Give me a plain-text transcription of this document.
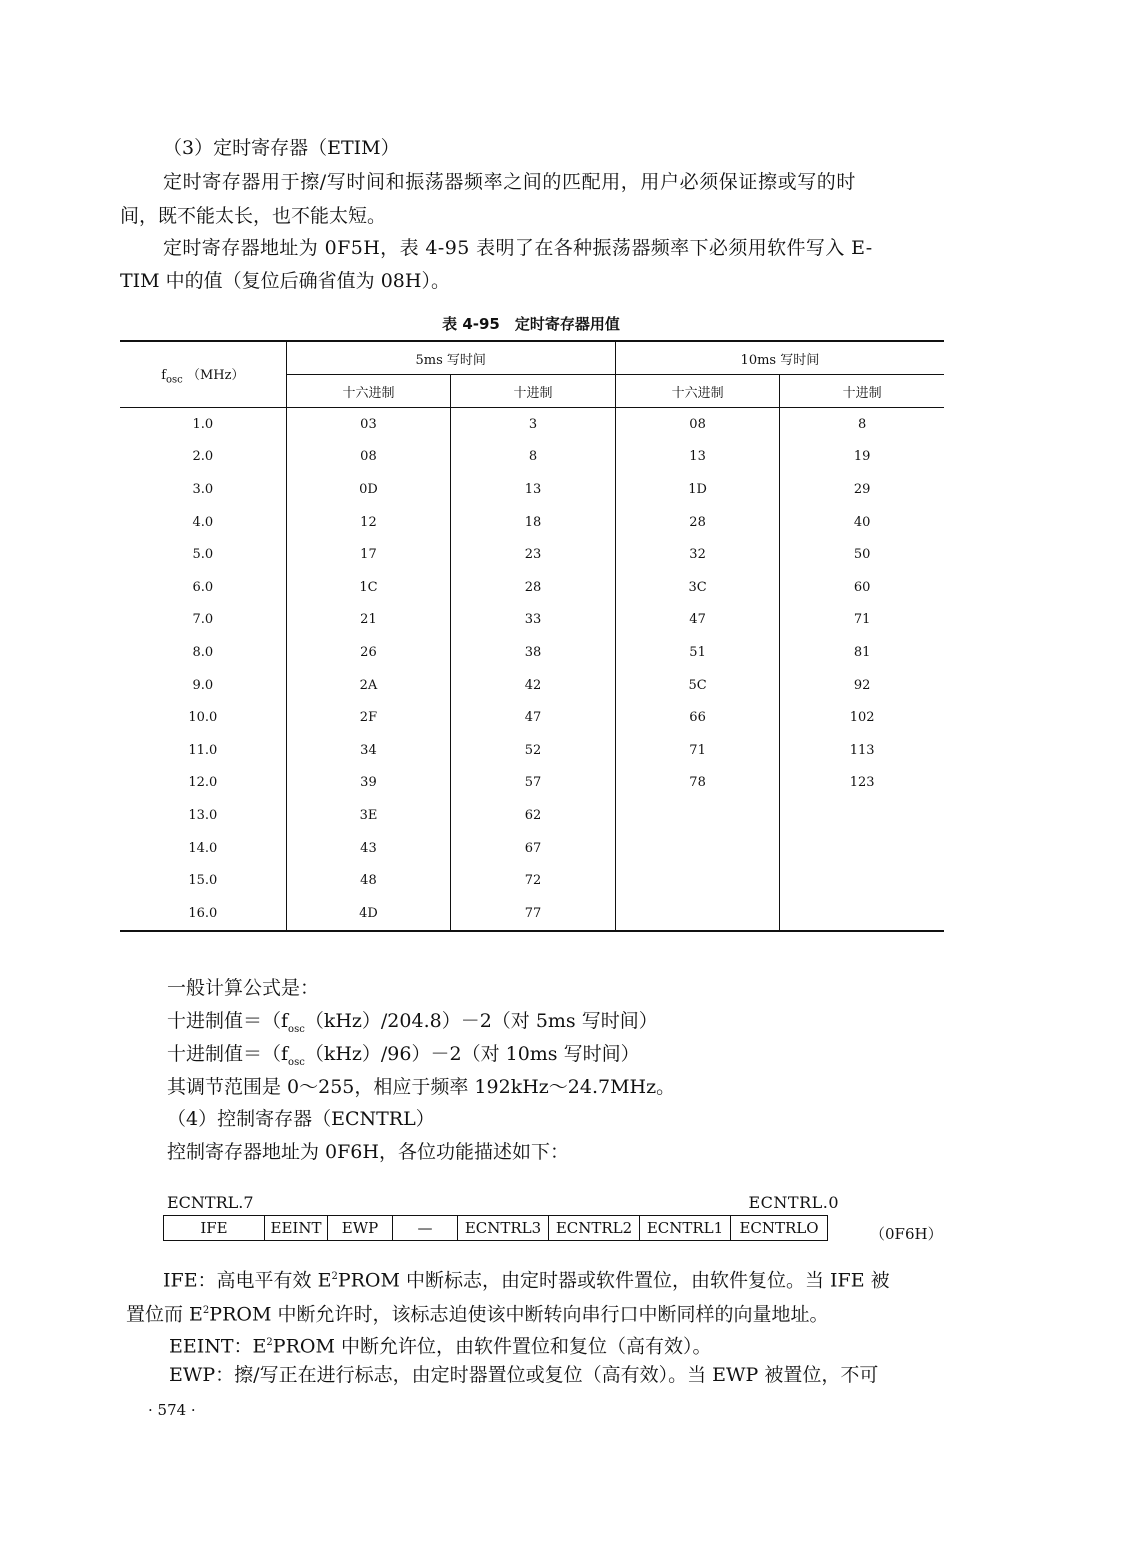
（3）定时寄存器（ETIM）
定时寄存器用于擦/写时间和振荡器频率之间的匹配用，用户必须保证擦或写的时
间，既不能太长，也不能太短。
定时寄存器地址为 0F5H，表 4-95 表明了在各种振荡器频率下必须用软件写入 E-
TIM 中的值（复位后确省值为 08H）。
表 4-95　定时寄存器用值
$f_{osc}$ （MHz）	5ms 写时间		10ms 写时间	
	十六进制	十进制	十六进制	十进制
1.0	03	3	08	8
2.0	08	8	13	19
3.0	0D	13	1D	29
4.0	12	18	28	40
5.0	17	23	32	50
6.0	1C	28	3C	60
7.0	21	33	47	71
8.0	26	38	51	81
9.0	2A	42	5C	92
10.0	2F	47	66	102
11.0	34	52	71	113
12.0	39	57	78	123
13.0	3E	62		
14.0	43	67		
15.0	48	72		
16.0	4D	77		
一般计算公式是：
十进制值$=(f_{osc}(kHz)/204.8)-2$（对 5ms 写时间）
十进制值$=(f_{osc}(kHz)/96)-2$（对 10ms 写时间）
其调节范围是 0～255，相应于频率 192kHz～24.7MHz。
（4）控制寄存器（ECNTRL）
控制寄存器地址为 0F6H，各位功能描述如下：
ECNTRL.7	ECNTRL.0
IFE	EEINT	EWP	—	ECNTRL3	ECNTRL2	ECNTRL1	ECNTRLO	（0F6H）
IFE：高电平有效 $E^2PROM$ 中断标志，由定时器或软件置位，由软件复位。当 IFE 被
置位而 $E^2PROM$ 中断允许时，该标志迫使该中断转向串行口中断同样的向量地址。
EEINT：$E^2PROM$ 中断允许位，由软件置位和复位（高有效）。
EWP：擦/写正在进行标志，由定时器置位或复位（高有效）。当 EWP 被置位，不可
· 574 ·
